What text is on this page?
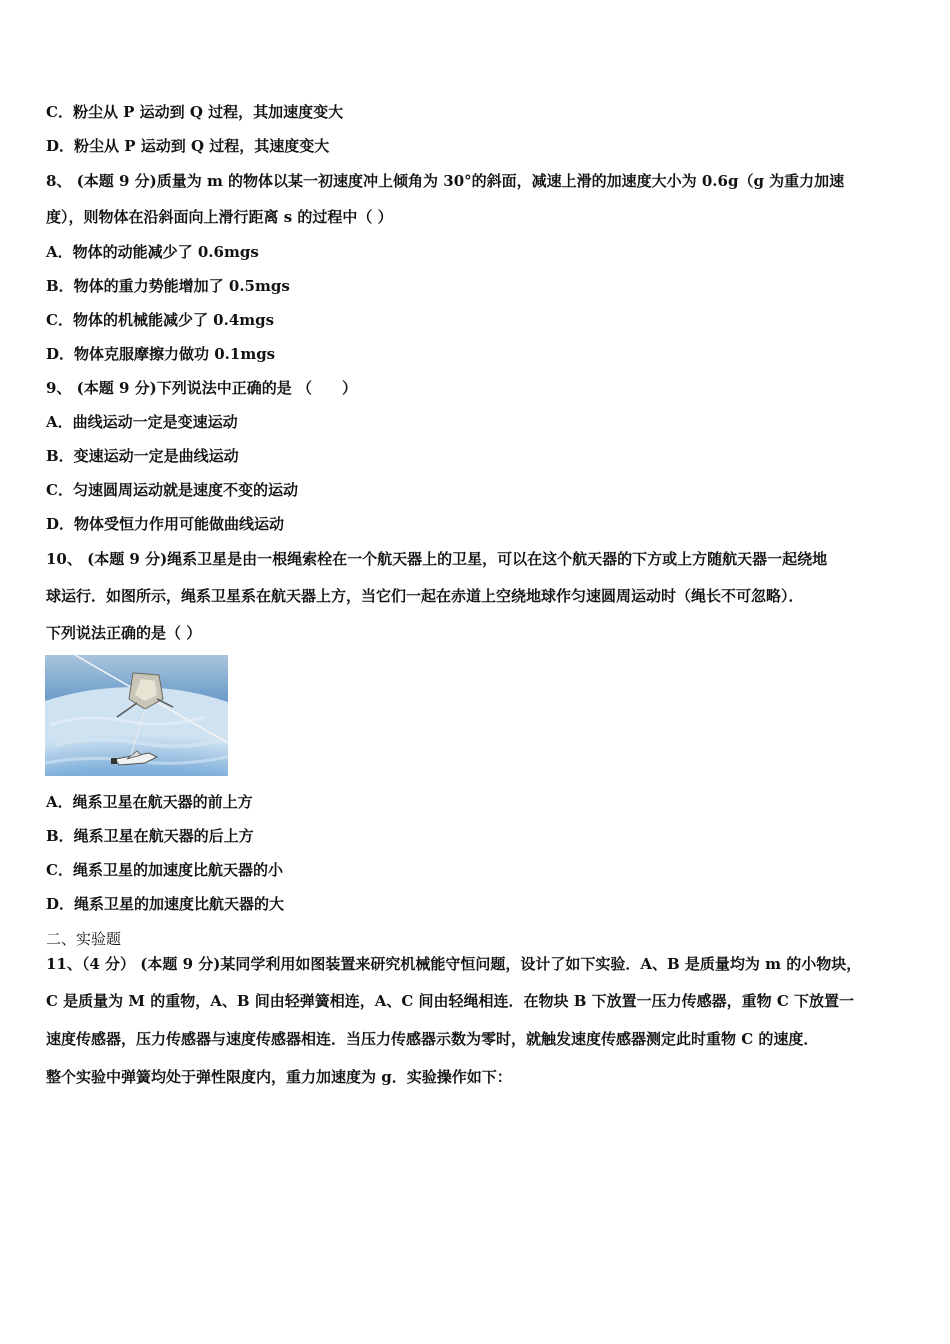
C．粉尘从 P 运动到 Q 过程，其加速度变大
D．粉尘从 P 运动到 Q 过程，其速度变大
8、 (本题 9 分)质量为 m 的物体以某一初速度冲上倾角为 30°的斜面，减速上滑的加速度大小为 0.6g（g 为重力加速
度），则物体在沿斜面向上滑行距离 s 的过程中（ ）
A．物体的动能减少了 0.6mgs
B．物体的重力势能增加了 0.5mgs
C．物体的机械能减少了 0.4mgs
D．物体克服摩擦力做功 0.1mgs
9、 (本题 9 分)下列说法中正确的是 （　　）
A．曲线运动一定是变速运动
B．变速运动一定是曲线运动
C．匀速圆周运动就是速度不变的运动
D．物体受恒力作用可能做曲线运动
10、 (本题 9 分)绳系卫星是由一根绳索栓在一个航天器上的卫星，可以在这个航天器的下方或上方随航天器一起绕地
球运行．如图所示，绳系卫星系在航天器上方，当它们一起在赤道上空绕地球作匀速圆周运动时（绳长不可忽略）．
下列说法正确的是（ ）
A．绳系卫星在航天器的前上方
B．绳系卫星在航天器的后上方
C．绳系卫星的加速度比航天器的小
D．绳系卫星的加速度比航天器的大
二、实验题
11、（4 分） (本题 9 分)某同学利用如图装置来研究机械能守恒问题，设计了如下实验．A、B 是质量均为 m 的小物块，
C 是质量为 M 的重物，A、B 间由轻弹簧相连，A、C 间由轻绳相连．在物块 B 下放置一压力传感器，重物 C 下放置一
速度传感器，压力传感器与速度传感器相连．当压力传感器示数为零时，就触发速度传感器测定此时重物 C 的速度．
整个实验中弹簧均处于弹性限度内，重力加速度为 g．实验操作如下：
